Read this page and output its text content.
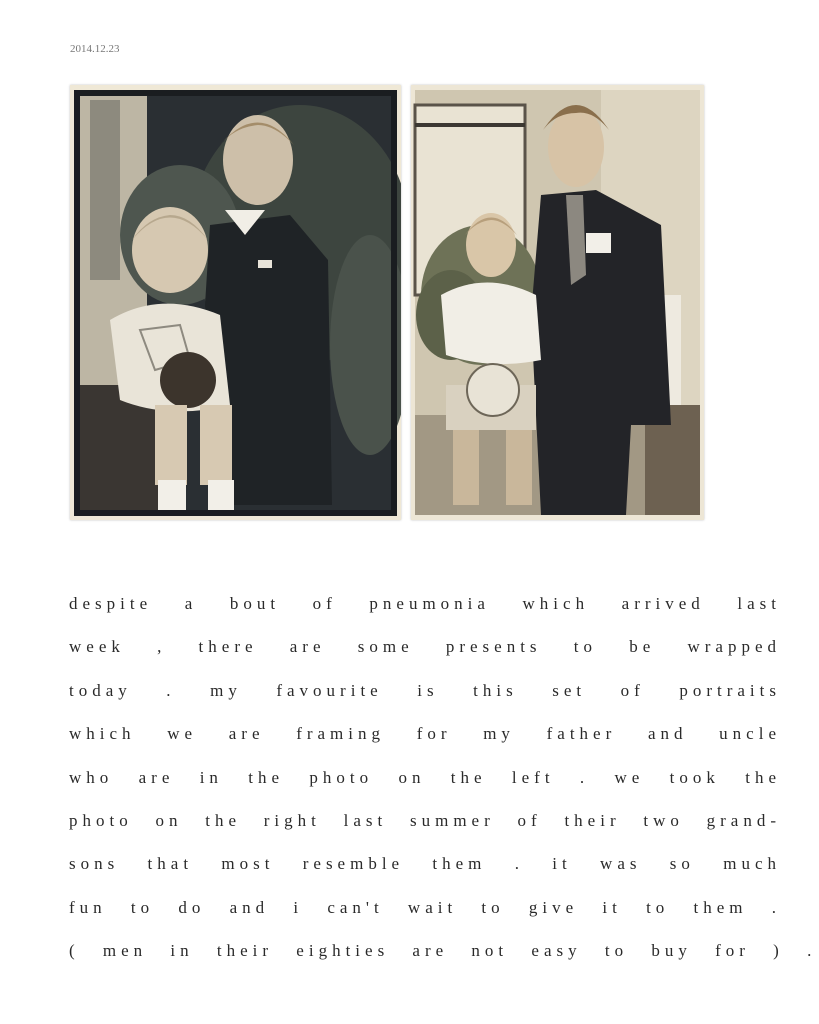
2014.12.23
despite a bout of pneumonia which arrived last
week , there are some presents to be wrapped
today . my favourite is this set of portraits
which we are framing for my father and uncle
who are in the photo on the left . we took the
photo on the right last summer of their two grand-
sons that most resemble them . it was so much
fun to do and i can't wait to give it to them .
( men in their eighties are not easy to buy for ) .
